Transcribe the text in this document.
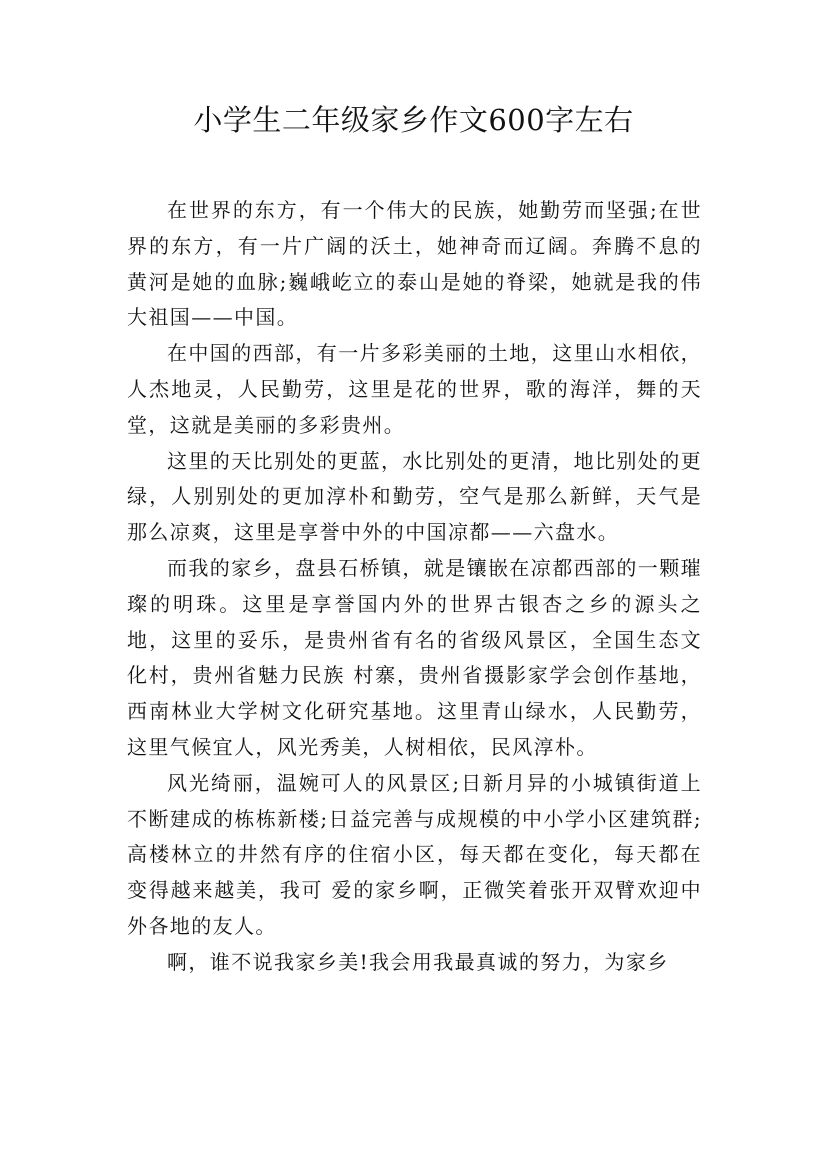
小学生二年级家乡作文600字左右

在世界的东方，有一个伟大的民族，她勤劳而坚强;在世界的东方，有一片广阔的沃土，她神奇而辽阔。奔腾不息的黄河是她的血脉;巍峨屹立的泰山是她的脊梁，她就是我的伟大祖国——中国。

在中国的西部，有一片多彩美丽的土地，这里山水相依，人杰地灵，人民勤劳，这里是花的世界，歌的海洋，舞的天堂，这就是美丽的多彩贵州。

这里的天比别处的更蓝，水比别处的更清，地比别处的更绿，人别别处的更加淳朴和勤劳，空气是那么新鲜，天气是那么凉爽，这里是享誉中外的中国凉都——六盘水。

而我的家乡，盘县石桥镇，就是镶嵌在凉都西部的一颗璀璨的明珠。这里是享誉国内外的世界古银杏之乡的源头之地，这里的妥乐，是贵州省有名的省级风景区，全国生态文化村，贵州省魅力民族 村寨，贵州省摄影家学会创作基地，西南林业大学树文化研究基地。这里青山绿水，人民勤劳，这里气候宜人，风光秀美，人树相依，民风淳朴。

风光绮丽，温婉可人的风景区;日新月异的小城镇街道上不断建成的栋栋新楼;日益完善与成规模的中小学小区建筑群;高楼林立的井然有序的住宿小区，每天都在变化，每天都在变得越来越美，我可 爱的家乡啊，正微笑着张开双臂欢迎中外各地的友人。

啊，谁不说我家乡美!我会用我最真诚的努力，为家乡
